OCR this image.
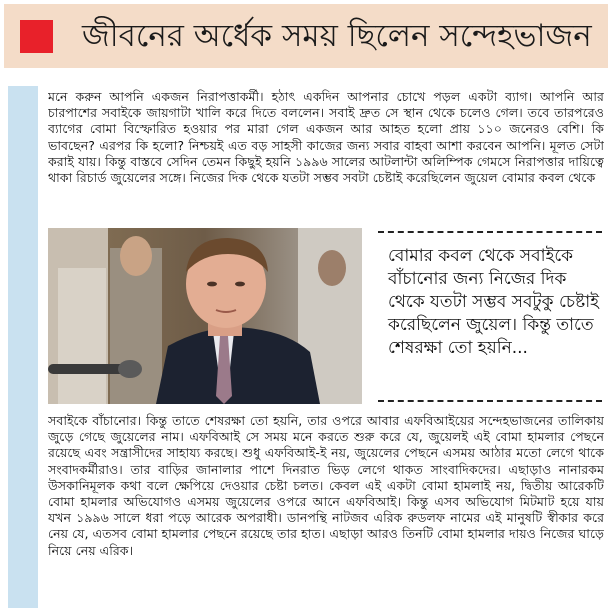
জীবনের অর্ধেক সময় ছিলেন সন্দেহভাজন
মনে করুন আপনি একজন নিরাপত্তাকর্মী। হঠাৎ একদিন আপনার চোখে পড়ল একটা ব্যাগ। আপনি আর চারপাশের সবাইকে জায়গাটা খালি করে দিতে বললেন। সবাই দ্রুত সে স্থান থেকে চলেও গেল। তবে তারপরেও ব্যাগের বোমা বিস্ফোরিত হওয়ার পর মারা গেল একজন আর আহত হলো প্রায় ১১০ জনেরও বেশি। কি ভাবছেন? এরপর কি হলো? নিশ্চয়ই এত বড় সাহসী কাজের জন্য সবার বাহবা আশা করবেন আপনি। মূলত সেটা করাই যায়। কিন্তু বাস্তবে সেদিন তেমন কিছুই হয়নি ১৯৯৬ সালের আটলান্টা অলিম্পিক গেমসে নিরাপত্তার দায়িত্বে থাকা রিচার্ড জুয়েলের সঙ্গে। নিজের দিক থেকে যতটা সম্ভব সবটা চেষ্টাই করেছিলেন জুয়েল বোমার কবল থেকে
বোমার কবল থেকে সবাইকে বাঁচানোর জন্য নিজের দিক থেকে যতটা সম্ভব সবটুকু চেষ্টাই করেছিলেন জুয়েল। কিন্তু তাতে শেষরক্ষা তো হয়নি...
সবাইকে বাঁচানোর। কিন্তু তাতে শেষরক্ষা তো হয়নি, তার ওপরে আবার এফবিআইয়ের সন্দেহভাজনের তালিকায় জুড়ে গেছে জুয়েলের নাম। এফবিআই সে সময় মনে করতে শুরু করে যে, জুয়েলই এই বোমা হামলার পেছনে রয়েছে এবং সন্ত্রাসীদের সাহায্য করছে। শুধু এফবিআই-ই নয়, জুয়েলের পেছনে এসময় আঠার মতো লেগে থাকে সংবাদকর্মীরাও। তার বাড়ির জানালার পাশে দিনরাত ভিড় লেগে থাকত সাংবাদিকদের। এছাড়াও নানারকম উসকানিমূলক কথা বলে ক্ষেপিয়ে দেওয়ার চেষ্টা চলত। কেবল এই একটা বোমা হামলাই নয়, দ্বিতীয় আরেকটি বোমা হামলার অভিযোগও এসময় জুয়েলের ওপরে আনে এফবিআই। কিন্তু এসব অভিযোগ মিটমাট হয়ে যায় যখন ১৯৯৬ সালে ধরা পড়ে আরেক অপরাধী। ডানপন্থি নাটজব এরিক রুডলফ নামের এই মানুষটি স্বীকার করে নেয় যে, এতসব বোমা হামলার পেছনে রয়েছে তার হাত। এছাড়া আরও তিনটি বোমা হামলার দায়ও নিজের ঘাড়ে নিয়ে নেয় এরিক।
